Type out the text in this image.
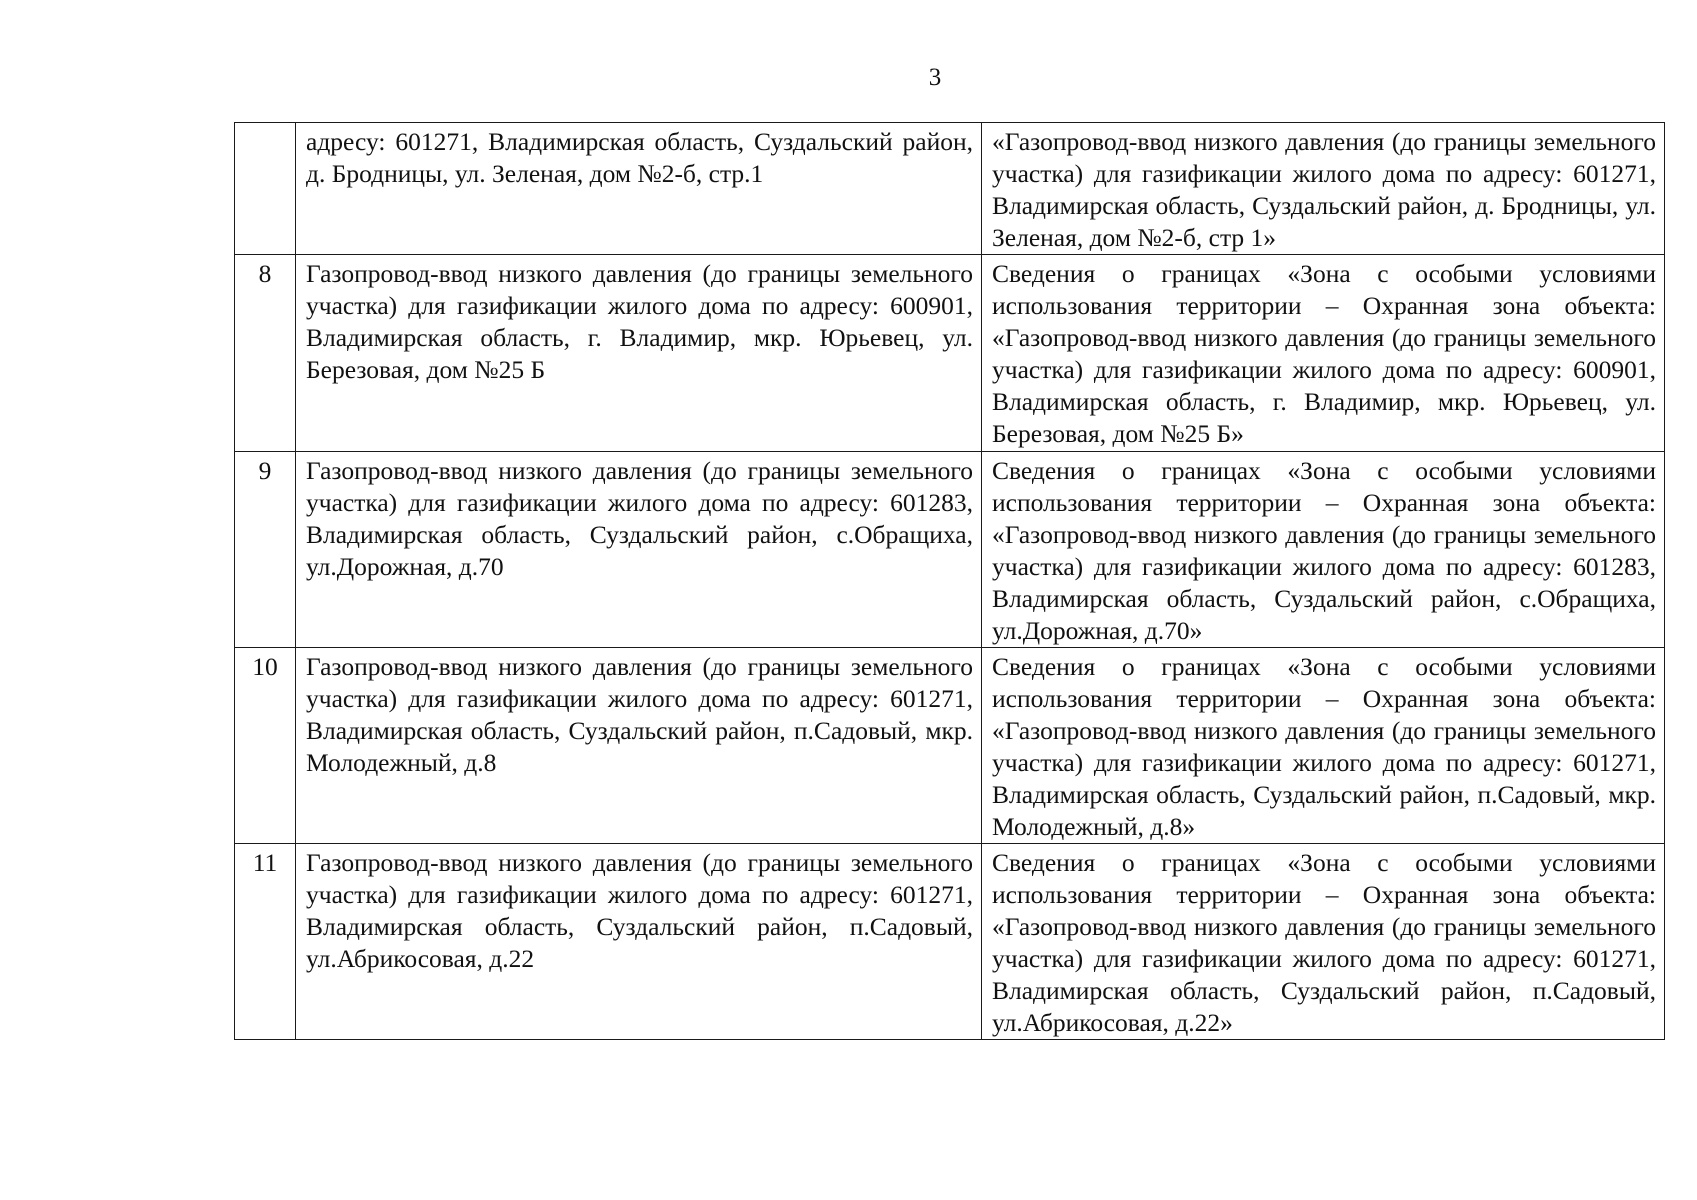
3
	адресу: 601271, Владимирская область, Суздальский район, д. Бродницы, ул. Зеленая, дом №2-б, стр.1	«Газопровод-ввод низкого давления (до границы земельного участка) для газификации жилого дома по адресу: 601271, Владимирская область, Суздальский район, д. Бродницы, ул. Зеленая, дом №2-б, стр 1»
8	Газопровод-ввод низкого давления (до границы земельного участка) для газификации жилого дома по адресу: 600901, Владимирская область, г. Владимир, мкр. Юрьевец, ул. Березовая, дом №25 Б	Сведения о границах «Зона с особыми условиями использования территории – Охранная зона объекта: «Газопровод-ввод низкого давления (до границы земельного участка) для газификации жилого дома по адресу: 600901, Владимирская область, г. Владимир, мкр. Юрьевец, ул. Березовая, дом №25 Б»
9	Газопровод-ввод низкого давления (до границы земельного участка) для газификации жилого дома по адресу: 601283, Владимирская область, Суздальский район, с.Обращиха, ул.Дорожная, д.70	Сведения о границах «Зона с особыми условиями использования территории – Охранная зона объекта: «Газопровод-ввод низкого давления (до границы земельного участка) для газификации жилого дома по адресу: 601283, Владимирская область, Суздальский район, с.Обращиха, ул.Дорожная, д.70»
10	Газопровод-ввод низкого давления (до границы земельного участка) для газификации жилого дома по адресу: 601271, Владимирская область, Суздальский район, п.Садовый, мкр. Молодежный, д.8	Сведения о границах «Зона с особыми условиями использования территории – Охранная зона объекта: «Газопровод-ввод низкого давления (до границы земельного участка) для газификации жилого дома по адресу: 601271, Владимирская область, Суздальский район, п.Садовый, мкр. Молодежный, д.8»
11	Газопровод-ввод низкого давления (до границы земельного участка) для газификации жилого дома по адресу: 601271, Владимирская область, Суздальский район, п.Садовый, ул.Абрикосовая, д.22	Сведения о границах «Зона с особыми условиями использования территории – Охранная зона объекта: «Газопровод-ввод низкого давления (до границы земельного участка) для газификации жилого дома по адресу: 601271, Владимирская область, Суздальский район, п.Садовый, ул.Абрикосовая, д.22»
